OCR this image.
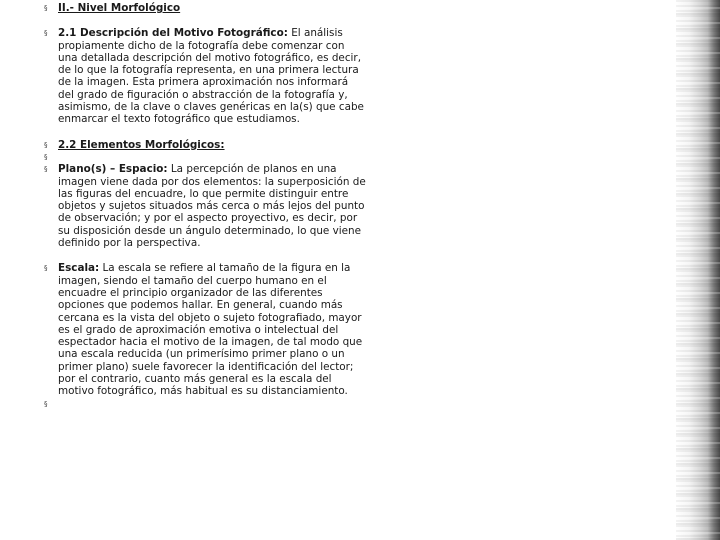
§	II.- Nivel Morfológico
§	2.1 Descripción del Motivo Fotográfico: El análisis propiamente dicho de la fotografía debe comenzar con una detallada descripción del motivo fotográfico, es decir, de lo que la fotografía representa, en una primera lectura de la imagen. Esta primera aproximación nos informará del grado de figuración o abstracción de la fotografía y, asimismo, de la clave o claves genéricas en la(s) que cabe enmarcar el texto fotográfico que estudiamos.
§	2.2 Elementos Morfológicos:
§
§	Plano(s) – Espacio: La percepción de planos en una imagen viene dada por dos elementos: la superposición de las figuras del encuadre, lo que permite distinguir entre objetos y sujetos situados más cerca o más lejos del punto de observación; y por el aspecto proyectivo, es decir, por su disposición desde un ángulo determinado, lo que viene definido por la perspectiva.
§	Escala: La escala se refiere al tamaño de la figura en la imagen, siendo el tamaño del cuerpo humano en el encuadre el principio organizador de las diferentes opciones que podemos hallar. En general, cuando más cercana es la vista del objeto o sujeto fotografiado, mayor es el grado de aproximación emotiva o intelectual del espectador hacia el motivo de la imagen, de tal modo que una escala reducida (un primerísimo primer plano o un primer plano) suele favorecer la identificación del lector; por el contrario, cuanto más general es la escala del motivo fotográfico, más habitual es su distanciamiento.
§
